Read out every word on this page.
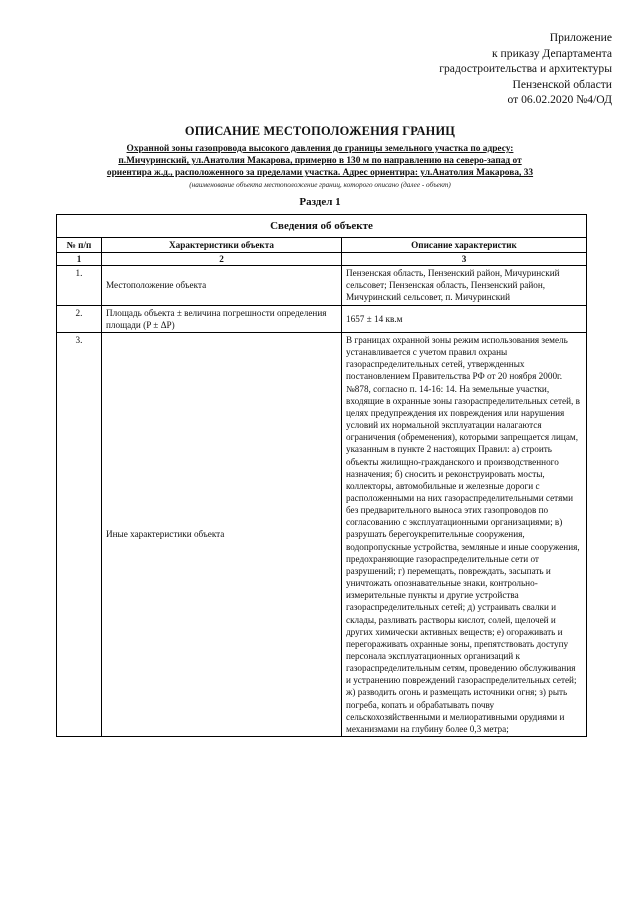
Приложение
к приказу Департамента
градостроительства и архитектуры
Пензенской области
от 06.02.2020 №4/ОД
ОПИСАНИЕ МЕСТОПОЛОЖЕНИЯ ГРАНИЦ
Охранной зоны газопровода высокого давления до границы земельного участка по адресу:
п.Мичуринский, ул.Анатолия Макарова, примерно в 130 м по направлению на северо-запад от
ориентира ж.д., расположенного за пределами участка. Адрес ориентира: ул.Анатолия Макарова, 33
(наименование объекта местоположение границ, которого описано (далее - объект)
Раздел 1
Сведения об объекте		
№ п/п	Характеристики объекта	Описание характеристик
1	2	3
1.	Местоположение объекта	Пензенская область, Пензенский район, Мичуринский сельсовет; Пензенская область, Пензенский район, Мичуринский сельсовет, п. Мичуринский
2.	Площадь объекта ± величина погрешности определения площади (P ± ΔP)	1657 ± 14 кв.м
3.	Иные характеристики объекта	В границах охранной зоны режим использования земель устанавливается с учетом правил охраны газораспределительных сетей, утвержденных постановлением Правительства РФ от 20 ноября 2000г. №878, согласно п. 14-16: 14. На земельные участки, входящие в охранные зоны газораспределительных сетей, в целях предупреждения их повреждения или нарушения условий их нормальной эксплуатации налагаются ограничения (обременения), которыми запрещается лицам, указанным в пункте 2 настоящих Правил: а) строить объекты жилищно-гражданского и производственного назначения; б) сносить и реконструировать мосты, коллекторы, автомобильные и железные дороги с расположенными на них газораспределительными сетями без предварительного выноса этих газопроводов по согласованию с эксплуатационными организациями; в) разрушать берегоукрепительные сооружения, водопропускные устройства, земляные и иные сооружения, предохраняющие газораспределительные сети от разрушений; г) перемещать, повреждать, засыпать и уничтожать опознавательные знаки, контрольно-измерительные пункты и другие устройства газораспределительных сетей; д) устраивать свалки и склады, разливать растворы кислот, солей, щелочей и других химически активных веществ; е) огораживать и перегораживать охранные зоны, препятствовать доступу персонала эксплуатационных организаций к газораспределительным сетям, проведению обслуживания и устранению повреждений газораспределительных сетей; ж) разводить огонь и размещать источники огня; з) рыть погреба, копать и обрабатывать почву сельскохозяйственными и мелиоративными орудиями и механизмами на глубину более 0,3 метра;
